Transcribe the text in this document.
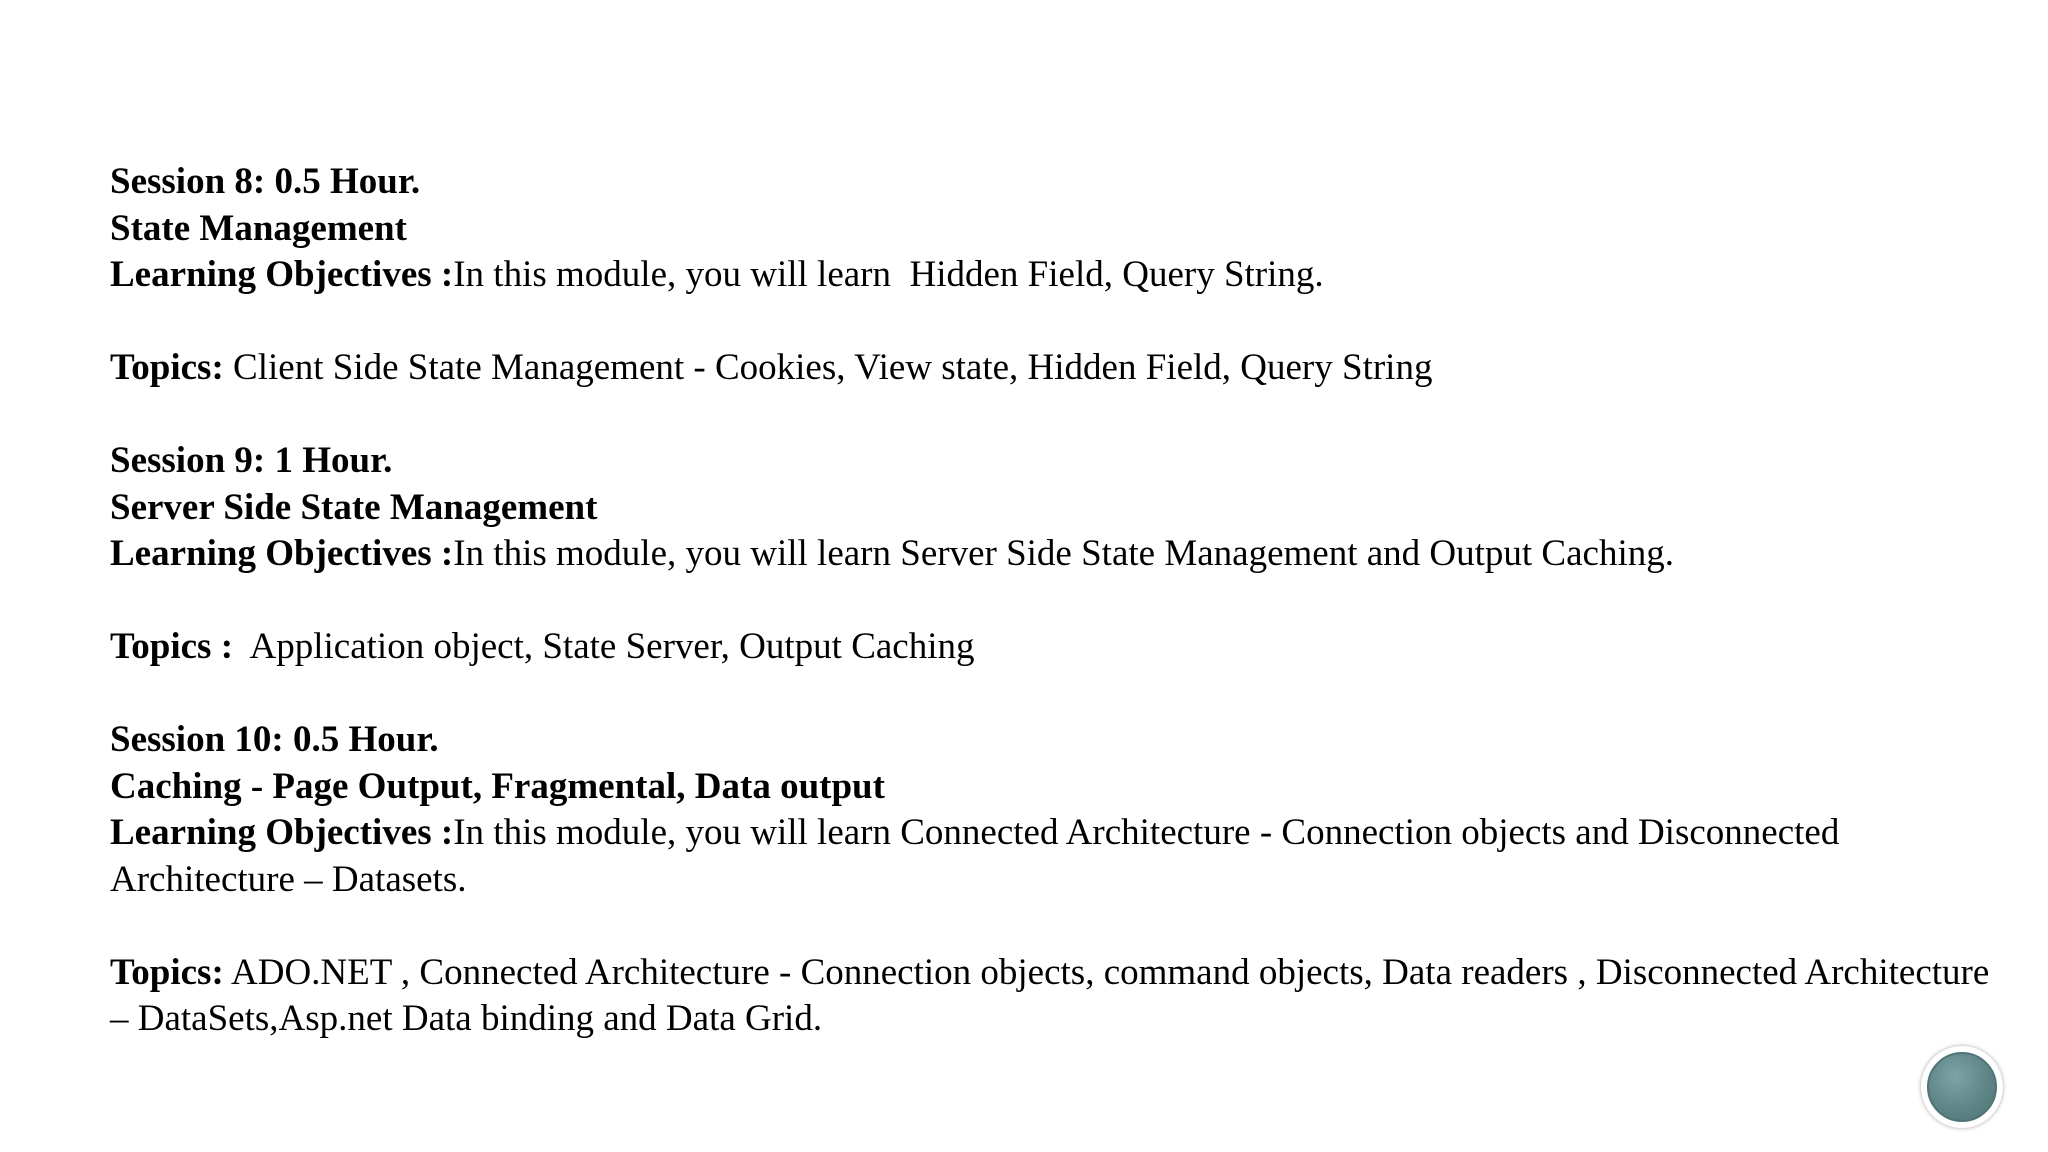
Session 8: 0.5 Hour.
State Management
Learning Objectives :In this module, you will learn  Hidden Field, Query String.
Topics: Client Side State Management - Cookies, View state, Hidden Field, Query String
Session 9: 1 Hour.
Server Side State Management
Learning Objectives :In this module, you will learn Server Side State Management and Output Caching.
Topics :  Application object, State Server, Output Caching
Session 10: 0.5 Hour.
Caching - Page Output, Fragmental, Data output
Learning Objectives :In this module, you will learn Connected Architecture - Connection objects and Disconnected Architecture – Datasets.
Topics: ADO.NET , Connected Architecture - Connection objects, command objects, Data readers , Disconnected Architecture – DataSets,Asp.net Data binding and Data Grid.
